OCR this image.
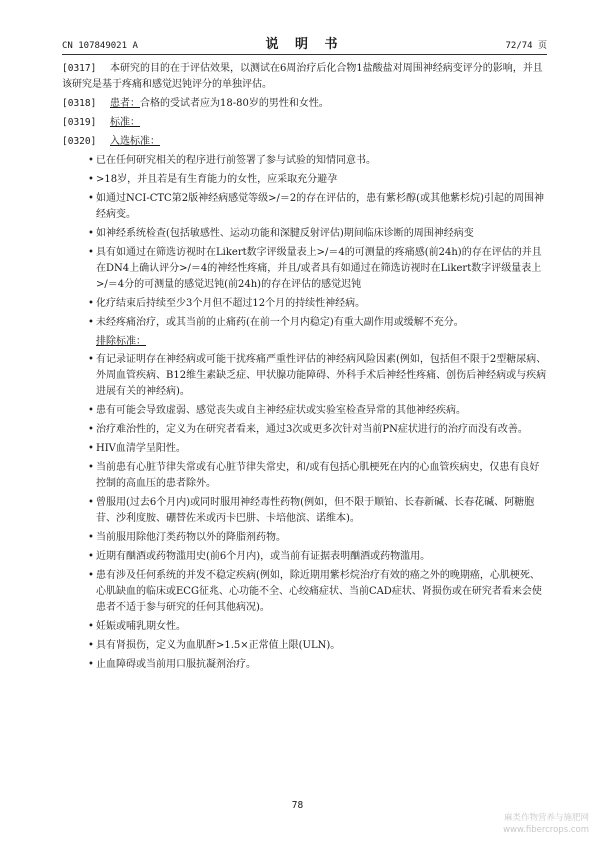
CN 107849021 A	说 明 书	72/74 页

[0317] 本研究的目的在于评估效果，以测试在6周治疗后化合物1盐酸盐对周围神经病变评分的影响，并且该研究是基于疼痛和感觉迟钝评分的单独评估。

[0318] 患者：合格的受试者应为18-80岁的男性和女性。

[0319] 标准：

[0320] 入选标准：

• 已在任何研究相关的程序进行前签署了参与试验的知情同意书。
• >18岁，并且若是有生育能力的女性，应采取充分避孕
• 如通过NCI-CTC第2版神经病感觉等级>/＝2的存在评估的，患有紫杉醇(或其他紫杉烷)引起的周围神经病变。
• 如神经系统检查(包括敏感性、运动功能和深腱反射评估)期间临床诊断的周围神经病变
• 具有如通过在筛选访视时在Likert数字评级量表上>/＝4的可测量的疼痛感(前24h)的存在评估的并且在DN4上确认评分>/＝4的神经性疼痛，并且/或者具有如通过在筛选访视时在Likert数字评级量表上>/＝4分的可测量的感觉迟钝(前24h)的存在评估的感觉迟钝
• 化疗结束后持续至少3个月但不超过12个月的持续性神经病。
• 未经疼痛治疗，或其当前的止痛药(在前一个月内稳定)有重大副作用或缓解不充分。

排除标准：

• 有记录证明存在神经病或可能干扰疼痛严重性评估的神经病风险因素(例如，包括但不限于2型糖尿病、外周血管疾病、B12维生素缺乏症、甲状腺功能障碍、外科手术后神经性疼痛、创伤后神经病或与疾病进展有关的神经病)。
• 患有可能会导致虚弱、感觉丧失或自主神经症状或实验室检查异常的其他神经疾病。
• 治疗难治性的，定义为在研究者看来，通过3次或更多次针对当前PN症状进行的治疗而没有改善。
• HIV血清学呈阳性。
• 当前患有心脏节律失常或有心脏节律失常史，和/或有包括心肌梗死在内的心血管疾病史，仅患有良好控制的高血压的患者除外。
• 曾服用(过去6个月内)或同时服用神经毒性药物(例如，但不限于顺铂、长春新碱、长春花碱、阿糖胞苷、沙利度胺、硼替佐米或丙卡巴肼、卡培他滨、诺维本)。
• 当前服用除他汀类药物以外的降脂剂药物。
• 近期有酗酒或药物滥用史(前6个月内)，或当前有证据表明酗酒或药物滥用。
• 患有涉及任何系统的并发不稳定疾病(例如，除近期用紫杉烷治疗有效的癌之外的晚期癌，心肌梗死、心肌缺血的临床或ECG征兆、心功能不全、心绞痛症状、当前CAD症状、肾损伤或在研究者看来会使患者不适于参与研究的任何其他病况)。
• 妊娠或哺乳期女性。
• 具有肾损伤，定义为血肌酐>1.5×正常值上限(ULN)。
• 止血障碍或当前用口服抗凝剂治疗。
78
麻类作物营养与施肥网
www.fibercrops.com
